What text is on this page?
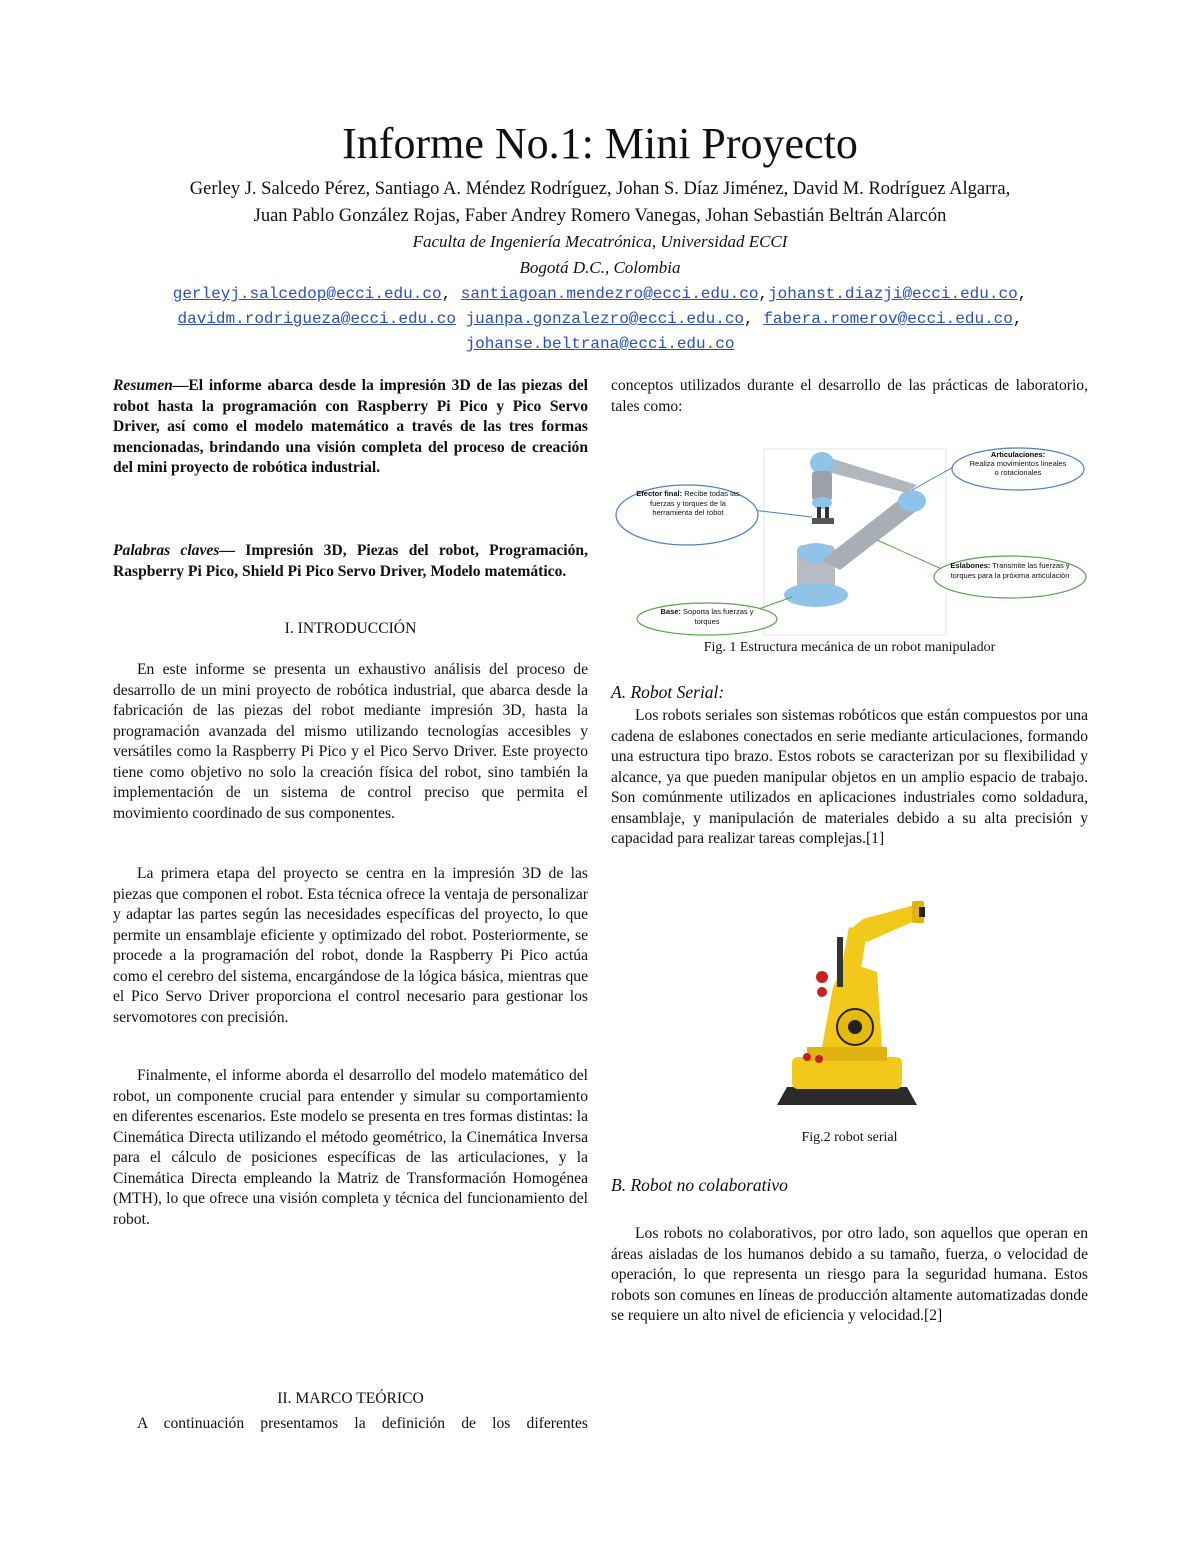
Informe No.1: Mini Proyecto
Gerley J. Salcedo Pérez, Santiago A. Méndez Rodríguez, Johan S. Díaz Jiménez, David M. Rodríguez Algarra,
Juan Pablo González Rojas, Faber Andrey Romero Vanegas, Johan Sebastián Beltrán Alarcón
Faculta de Ingeniería Mecatrónica, Universidad ECCI
Bogotá D.C., Colombia
gerleyj.salcedop@ecci.edu.co, santiagoan.mendezro@ecci.edu.co,johanst.diazji@ecci.edu.co,
davidm.rodriguezа@ecci.edu.co juanpa.gonzalezro@ecci.edu.co, fabera.romerov@ecci.edu.co,
johanse.beltrana@ecci.edu.co
Resumen—El informe abarca desde la impresión 3D de las piezas del robot hasta la programación con Raspberry Pi Pico y Pico Servo Driver, así como el modelo matemático a través de las tres formas mencionadas, brindando una visión completa del proceso de creación del mini proyecto de robótica industrial.
Palabras claves— Impresión 3D, Piezas del robot, Programación, Raspberry Pi Pico, Shield Pi Pico Servo Driver, Modelo matemático.
I. INTRODUCCIÓN

En este informe se presenta un exhaustivo análisis del proceso de desarrollo de un mini proyecto de robótica industrial, que abarca desde la fabricación de las piezas del robot mediante impresión 3D, hasta la programación avanzada del mismo utilizando tecnologías accesibles y versátiles como la Raspberry Pi Pico y el Pico Servo Driver. Este proyecto tiene como objetivo no solo la creación física del robot, sino también la implementación de un sistema de control preciso que permita el movimiento coordinado de sus componentes.

La primera etapa del proyecto se centra en la impresión 3D de las piezas que componen el robot. Esta técnica ofrece la ventaja de personalizar y adaptar las partes según las necesidades específicas del proyecto, lo que permite un ensamblaje eficiente y optimizado del robot. Posteriormente, se procede a la programación del robot, donde la Raspberry Pi Pico actúa como el cerebro del sistema, encargándose de la lógica básica, mientras que el Pico Servo Driver proporciona el control necesario para gestionar los servomotores con precisión.

Finalmente, el informe aborda el desarrollo del modelo matemático del robot, un componente crucial para entender y simular su comportamiento en diferentes escenarios. Este modelo se presenta en tres formas distintas: la Cinemática Directa utilizando el método geométrico, la Cinemática Inversa para el cálculo de posiciones específicas de las articulaciones, y la Cinemática Directa empleando la Matriz de Transformación Homogénea (MTH), lo que ofrece una visión completa y técnica del funcionamiento del robot.

II. MARCO TEÓRICO
A continuación presentamos la definición de los diferentes
conceptos utilizados durante el desarrollo de las prácticas de laboratorio, tales como:
Articulaciones:
Realiza movimientos lineales o rotacionales
Efector final: Recibe todas las fuerzas y torques de la herramienta del robot
Eslabones: Transmite las fuerzas y torques para la próxima articulación
Base: Soporta las fuerzas y torques
Fig. 1 Estructura mecánica de un robot manipulador
A. Robot Serial:

Los robots seriales son sistemas robóticos que están compuestos por una cadena de eslabones conectados en serie mediante articulaciones, formando una estructura tipo brazo. Estos robots se caracterizan por su flexibilidad y alcance, ya que pueden manipular objetos en un amplio espacio de trabajo. Son comúnmente utilizados en aplicaciones industriales como soldadura, ensamblaje, y manipulación de materiales debido a su alta precisión y capacidad para realizar tareas complejas.[1]

Fig.2 robot serial
B. Robot no colaborativo

Los robots no colaborativos, por otro lado, son aquellos que operan en áreas aisladas de los humanos debido a su tamaño, fuerza, o velocidad de operación, lo que representa un riesgo para la seguridad humana. Estos robots son comunes en líneas de producción altamente automatizadas donde se requiere un alto nivel de eficiencia y velocidad.[2]
